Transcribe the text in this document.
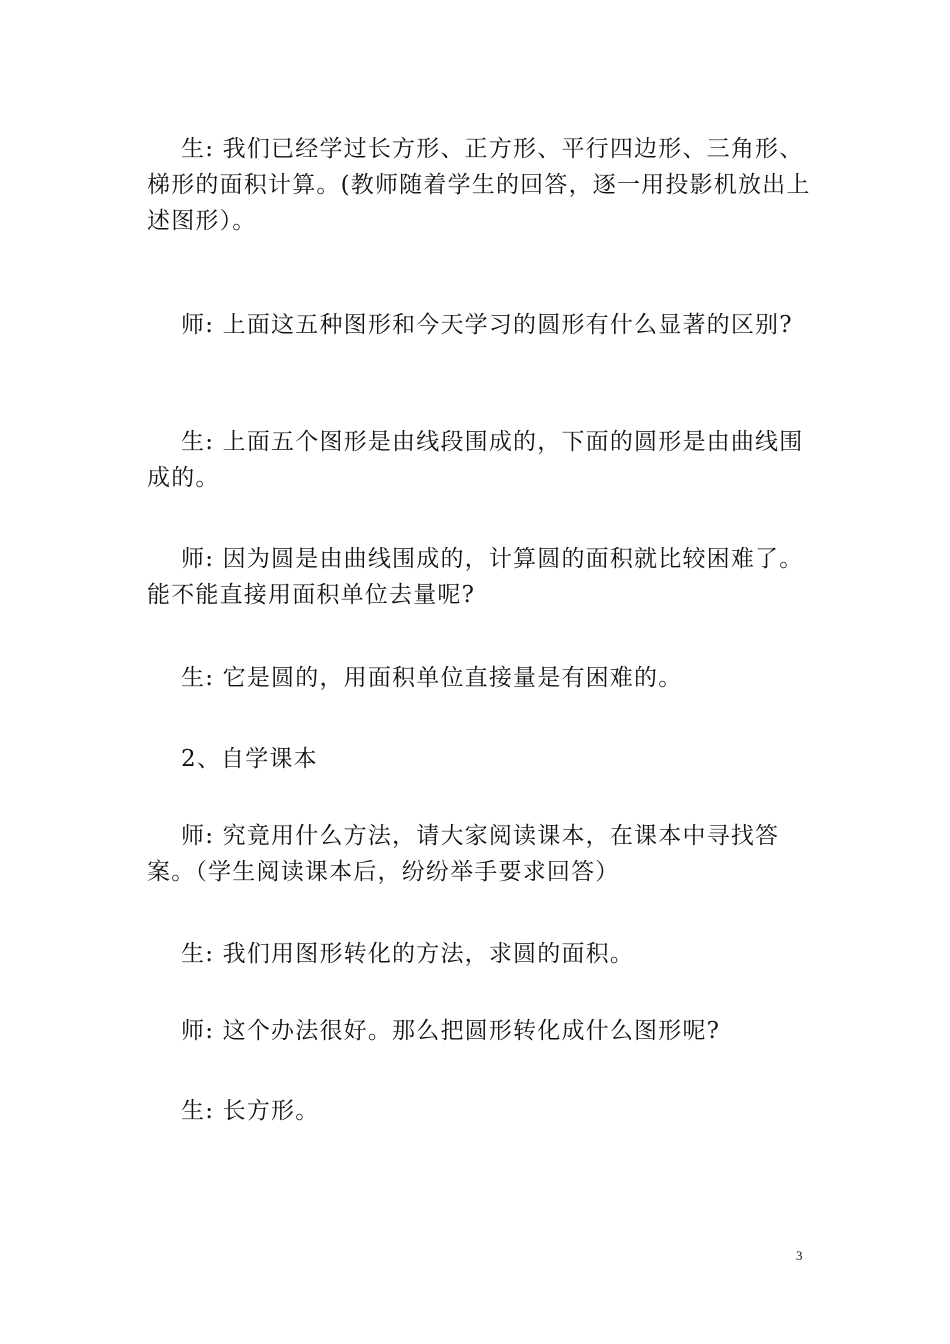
生: 我们已经学过长方形、正方形、平行四边形、三角形、梯形的面积计算。(教师随着学生的回答，逐一用投影机放出上述图形）。

师: 上面这五种图形和今天学习的圆形有什么显著的区别?

生: 上面五个图形是由线段围成的，下面的圆形是由曲线围成的。

师: 因为圆是由曲线围成的，计算圆的面积就比较困难了。能不能直接用面积单位去量呢?

生: 它是圆的，用面积单位直接量是有困难的。

2、自学课本

师: 究竟用什么方法，请大家阅读课本，在课本中寻找答案。（学生阅读课本后，纷纷举手要求回答）

生: 我们用图形转化的方法，求圆的面积。

师: 这个办法很好。那么把圆形转化成什么图形呢?

生: 长方形。

3
